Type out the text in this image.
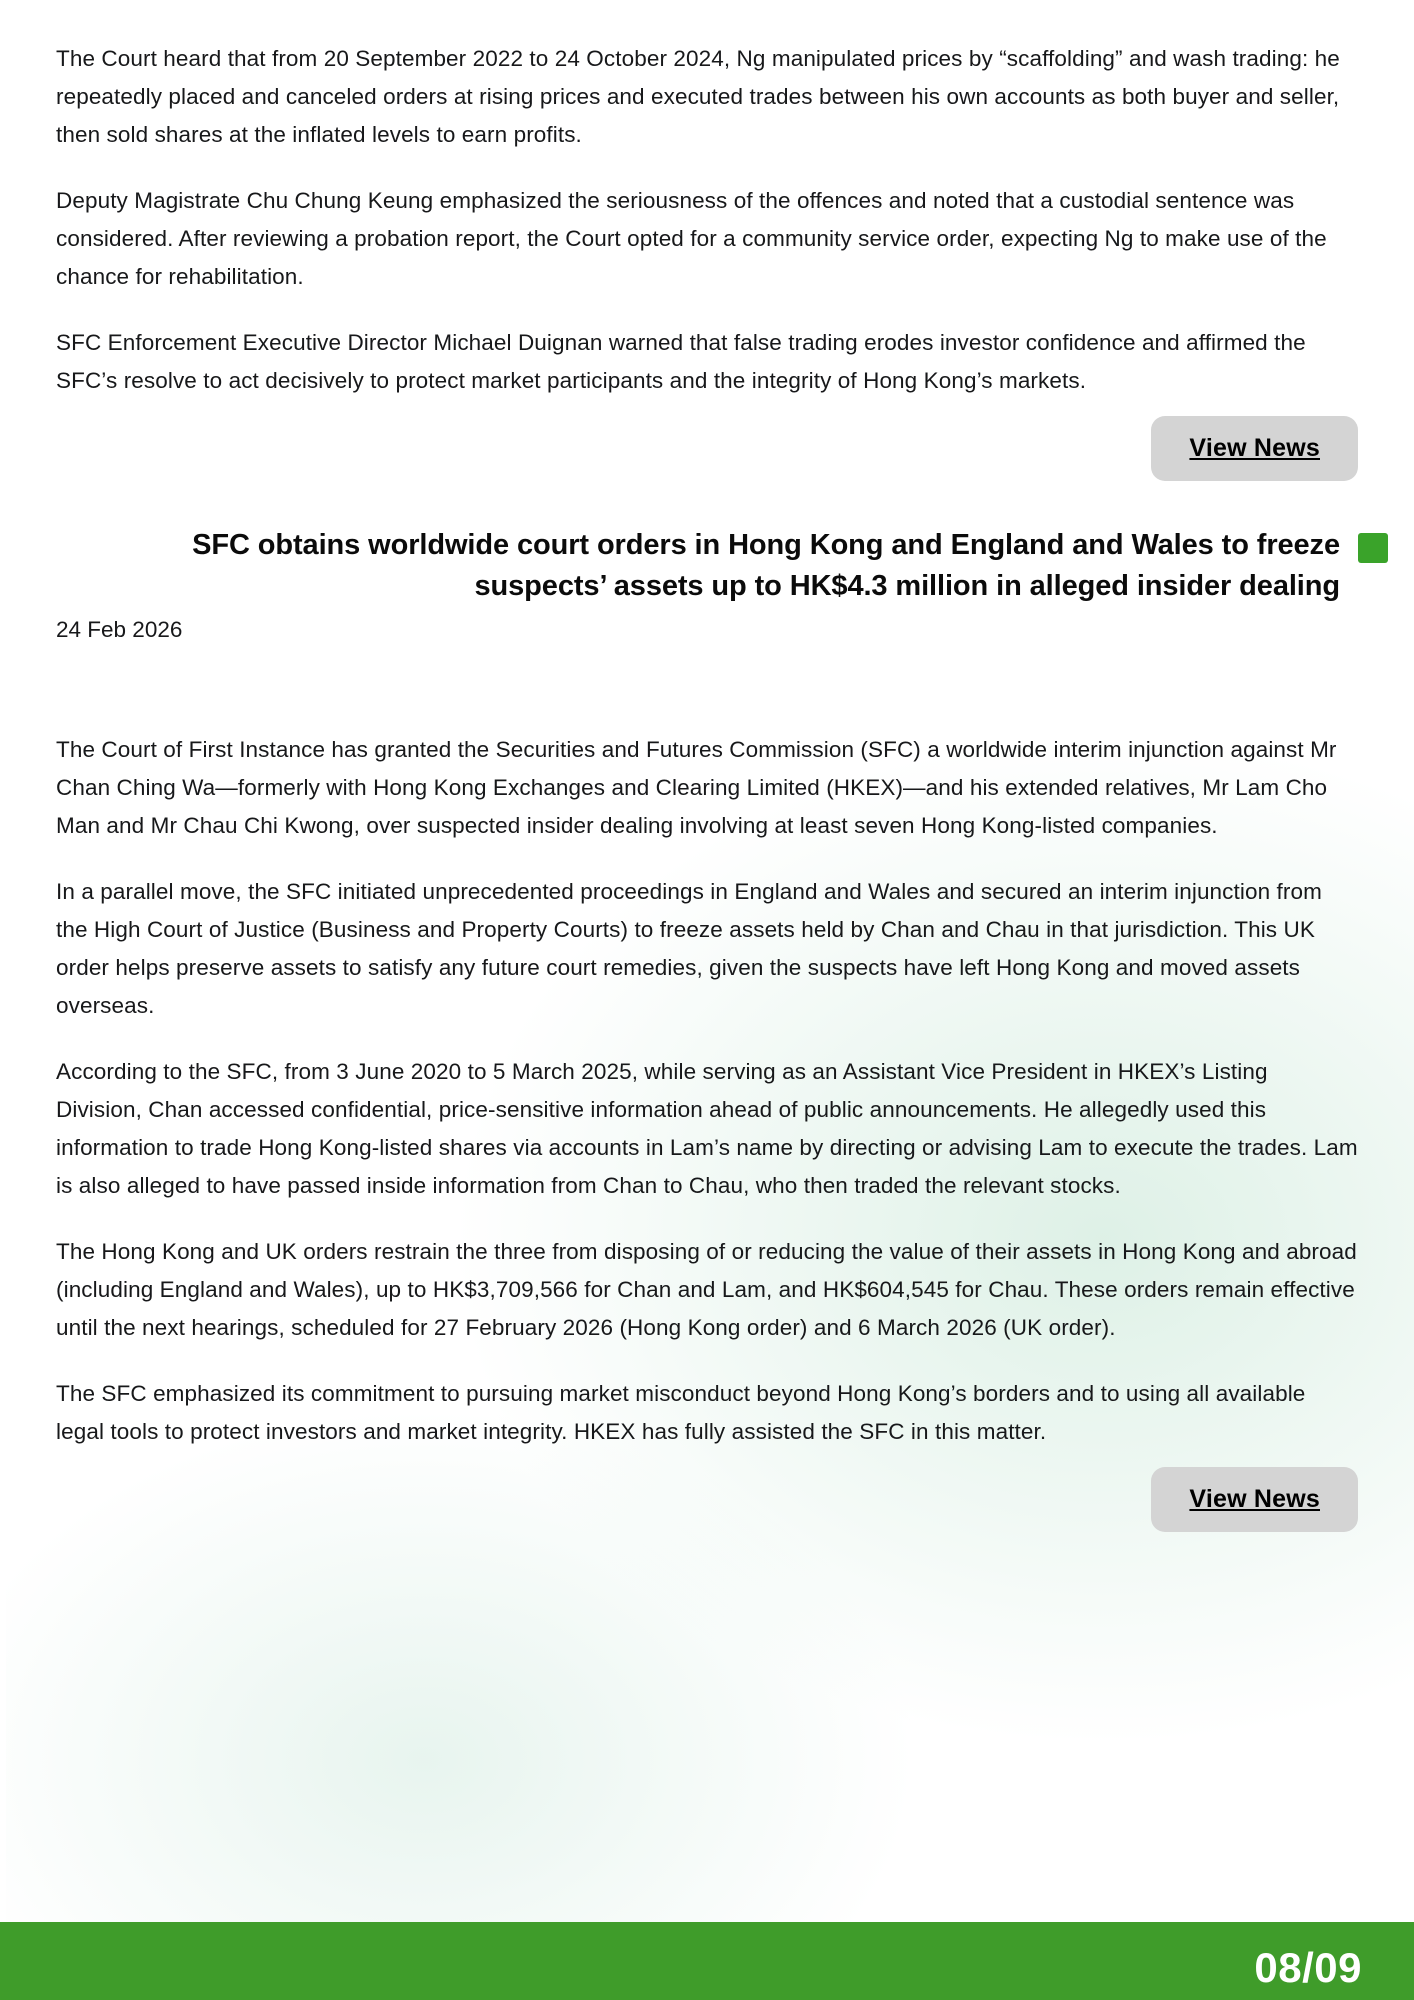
The Court heard that from 20 September 2022 to 24 October 2024, Ng manipulated prices by “scaffolding” and wash trading: he repeatedly placed and canceled orders at rising prices and executed trades between his own accounts as both buyer and seller, then sold shares at the inflated levels to earn profits.

Deputy Magistrate Chu Chung Keung emphasized the seriousness of the offences and noted that a custodial sentence was considered. After reviewing a probation report, the Court opted for a community service order, expecting Ng to make use of the chance for rehabilitation.

SFC Enforcement Executive Director Michael Duignan warned that false trading erodes investor confidence and affirmed the SFC’s resolve to act decisively to protect market participants and the integrity of Hong Kong’s markets.

View News
SFC obtains worldwide court orders in Hong Kong and England and Wales to freeze suspects’ assets up to HK$4.3 million in alleged insider dealing
24 Feb 2026

The Court of First Instance has granted the Securities and Futures Commission (SFC) a worldwide interim injunction against Mr Chan Ching Wa—formerly with Hong Kong Exchanges and Clearing Limited (HKEX)—and his extended relatives, Mr Lam Cho Man and Mr Chau Chi Kwong, over suspected insider dealing involving at least seven Hong Kong-listed companies.

In a parallel move, the SFC initiated unprecedented proceedings in England and Wales and secured an interim injunction from the High Court of Justice (Business and Property Courts) to freeze assets held by Chan and Chau in that jurisdiction. This UK order helps preserve assets to satisfy any future court remedies, given the suspects have left Hong Kong and moved assets overseas.

According to the SFC, from 3 June 2020 to 5 March 2025, while serving as an Assistant Vice President in HKEX’s Listing Division, Chan accessed confidential, price-sensitive information ahead of public announcements. He allegedly used this information to trade Hong Kong-listed shares via accounts in Lam’s name by directing or advising Lam to execute the trades. Lam is also alleged to have passed inside information from Chan to Chau, who then traded the relevant stocks.

The Hong Kong and UK orders restrain the three from disposing of or reducing the value of their assets in Hong Kong and abroad (including England and Wales), up to HK$3,709,566 for Chan and Lam, and HK$604,545 for Chau. These orders remain effective until the next hearings, scheduled for 27 February 2026 (Hong Kong order) and 6 March 2026 (UK order).

The SFC emphasized its commitment to pursuing market misconduct beyond Hong Kong’s borders and to using all available legal tools to protect investors and market integrity. HKEX has fully assisted the SFC in this matter.

View News
08/09
